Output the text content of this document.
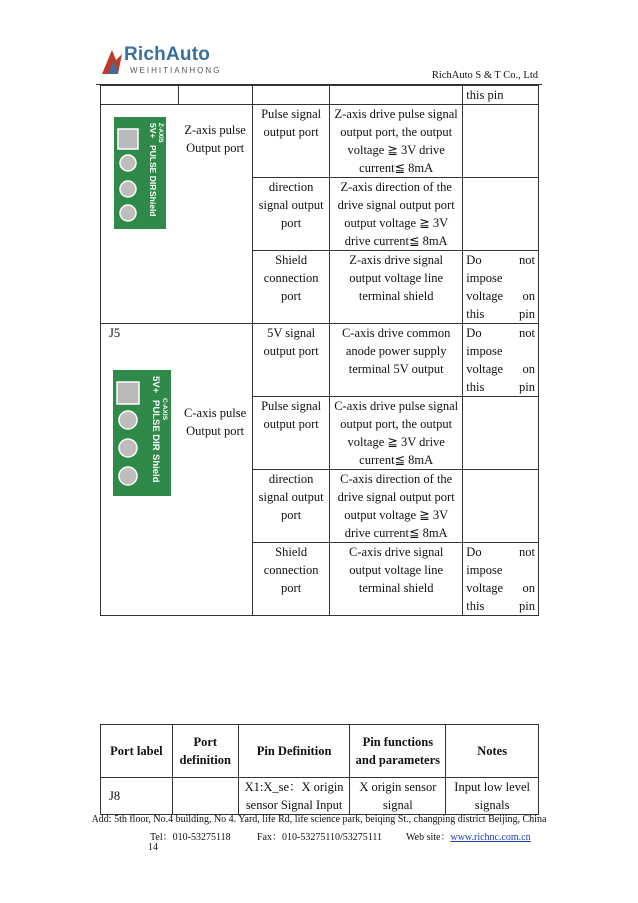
RichAuto
WEIHITIANHONG	RichAuto S & T Co., Ltd
				this pin

5V+ Z-AXIS
PULSE DIR
Shield	Z-axis pulse Output port	Pulse signal output port	Z-axis drive pulse signal output port, the output voltage ≧ 3V drive current≦ 8mA	
		direction signal output port	Z-axis direction of the drive signal output port output voltage ≧ 3V drive current≦ 8mA	
		Shield connection port	Z-axis drive signal output voltage line terminal shield	Do not impose voltage on this pin

J5
5V+
C-AXIS
PULSE DIR
Shield	C-axis pulse Output port	5V signal output port	C-axis drive common anode power supply terminal 5V output	Do not impose voltage on this pin
		Pulse signal output port	C-axis drive pulse signal output port, the output voltage ≧ 3V drive current≦ 8mA	
		direction signal output port	C-axis direction of the drive signal output port output voltage ≧ 3V drive current≦ 8mA	
		Shield connection port	C-axis drive signal output voltage line terminal shield	Do not impose voltage on this pin
Port label	Port definition	Pin Definition	Pin functions and parameters	Notes
J8		X1:X_se：X origin sensor Signal Input	X origin sensor signal	Input low level signals
Add: 5th floor, No.4 building, No 4. Yard, life Rd, life science park, beiqing St., changping district Beijing, China
Tel：010-53275118	Fax：010-53275110/53275111 Web site：www.richnc.com.cn
14
